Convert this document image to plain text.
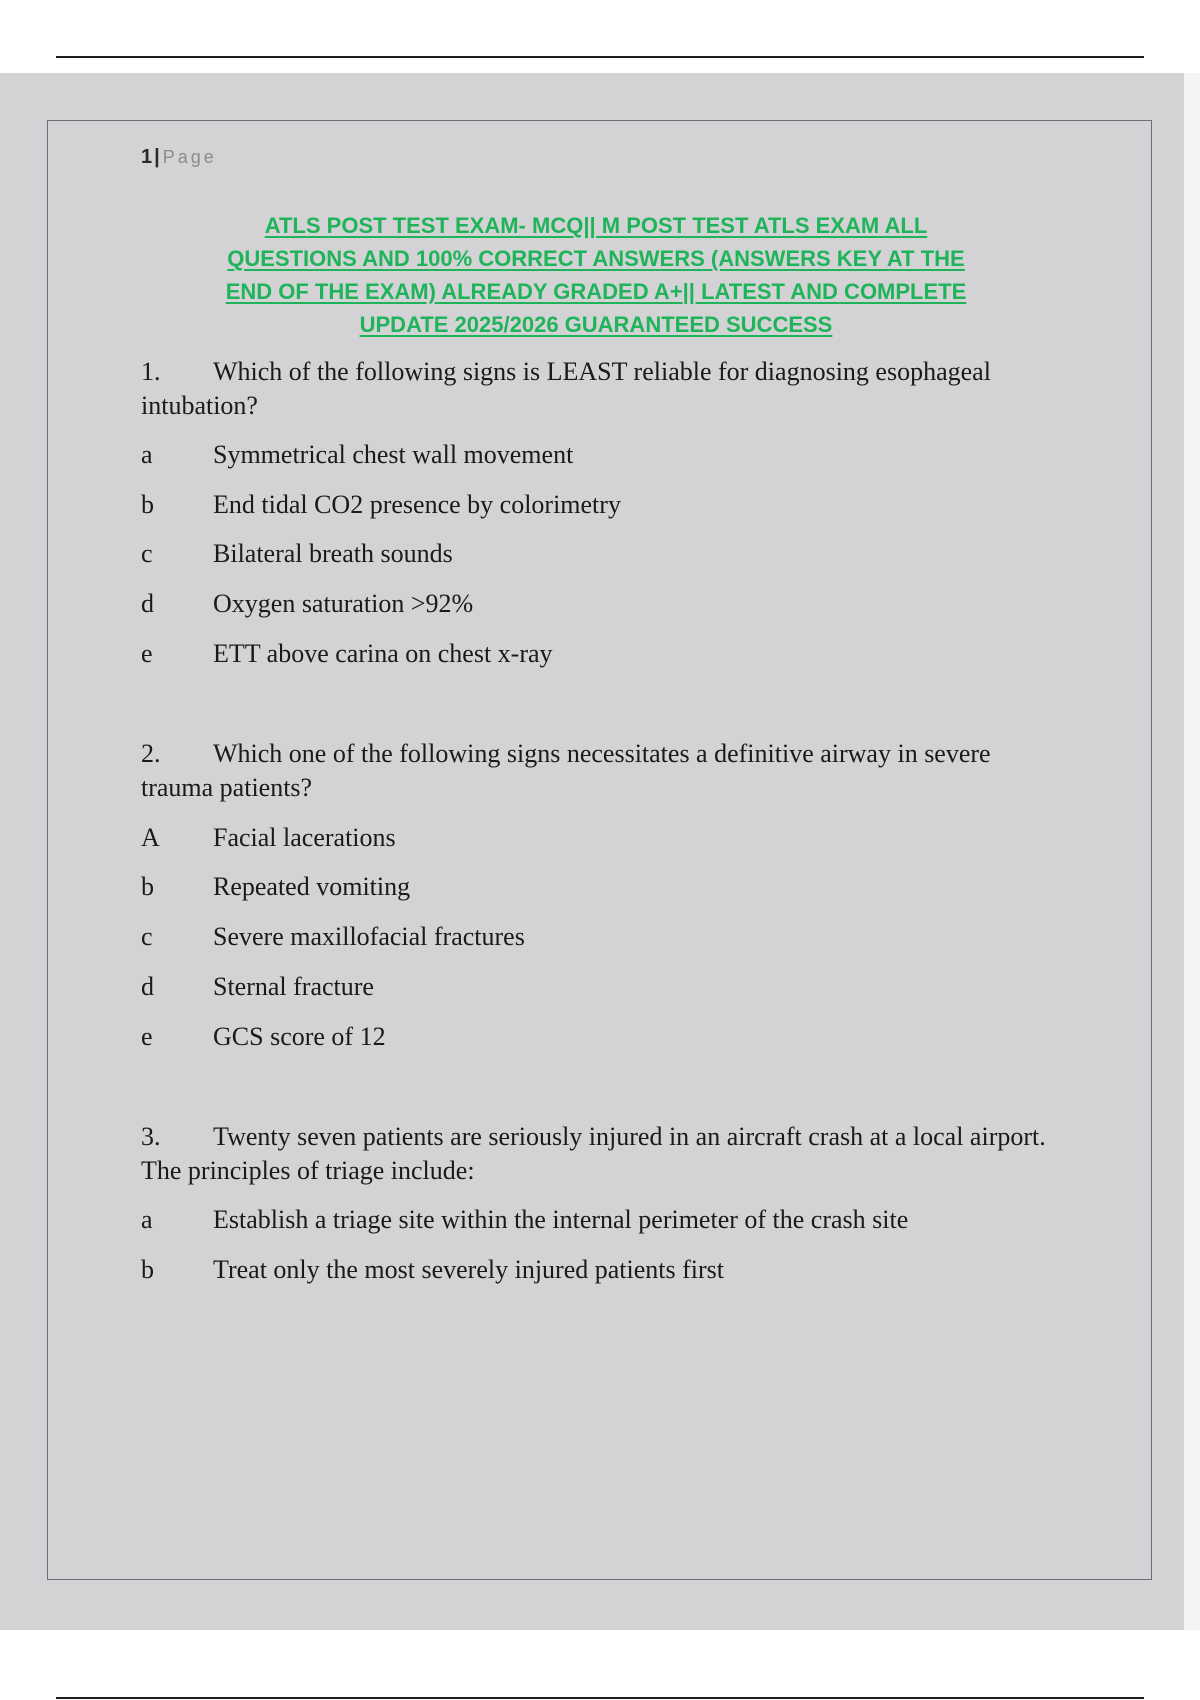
1 | Page
ATLS POST TEST EXAM- MCQ|| M POST TEST ATLS EXAM ALL
QUESTIONS AND 100% CORRECT ANSWERS (ANSWERS KEY AT THE
END OF THE EXAM) ALREADY GRADED A+|| LATEST AND COMPLETE
UPDATE 2025/2026 GUARANTEED SUCCESS
1. Which of the following signs is LEAST reliable for diagnosing esophageal intubation?
a Symmetrical chest wall movement
b End tidal CO2 presence by colorimetry
c Bilateral breath sounds
d Oxygen saturation >92%
e ETT above carina on chest x-ray
2. Which one of the following signs necessitates a definitive airway in severe trauma patients?
A Facial lacerations
b Repeated vomiting
c Severe maxillofacial fractures
d Sternal fracture
e GCS score of 12
3. Twenty seven patients are seriously injured in an aircraft crash at a local airport. The principles of triage include:
a Establish a triage site within the internal perimeter of the crash site
b Treat only the most severely injured patients first
